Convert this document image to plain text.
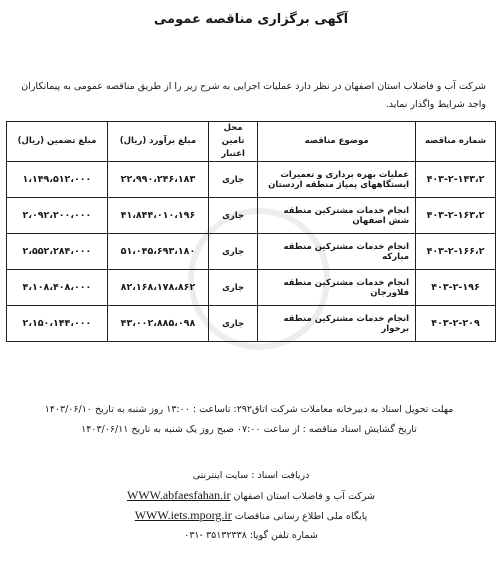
آگهی برگزاری مناقصه عمومی
شرکت آب و فاضلاب استان اصفهان در نظر دارد عملیات اجرایی به شرح زیر را از طریق مناقصه عمومی به پیمانکاران واجد شرایط واگذار نماید.
شماره مناقصه	موضوع مناقصه	محل تامین اعتبار	مبلغ برآورد (ریال)	مبلغ تضمین (ریال)
۴۰۳-۲-۱۴۳،۲	عملیات بهره برداری و تعمیرات ایستگاههای پمپاژ منطقه اردستان	جاری	۲۲،۹۹۰،۲۴۶،۱۸۳	۱،۱۴۹،۵۱۲،۰۰۰
۴۰۳-۲-۱۶۳،۲	انجام خدمات مشترکین منطقه شش اصفهان	جاری	۴۱،۸۴۴،۰۱۰،۱۹۶	۲،۰۹۲،۲۰۰،۰۰۰
۴۰۳-۲-۱۶۶،۲	انجام خدمات مشترکین منطقه مبارکه	جاری	۵۱،۰۴۵،۶۹۳،۱۸۰	۲،۵۵۲،۲۸۴،۰۰۰
۴۰۳-۲-۱۹۶	انجام خدمات مشترکین منطقه فلاورجان	جاری	۸۲،۱۶۸،۱۷۸،۸۶۲	۴،۱۰۸،۴۰۸،۰۰۰
۴۰۳-۲-۲۰۹	انجام خدمات مشترکین منطقه برخوار	جاری	۴۳،۰۰۲،۸۸۵،۰۹۸	۲،۱۵۰،۱۴۴،۰۰۰
مهلت تحویل اسناد به دبیرخانه معاملات شرکت اتاق۲۹۲: تاساعت : ۱۳:۰۰ روز شنبه به تاریخ ۱۴۰۳/۰۶/۱۰
تاریخ گشایش اسناد مناقصه : از ساعت ۰۷:۰۰ صبح روز یک شنبه به تاریخ ۱۴۰۳/۰۶/۱۱
دریافت اسناد : سایت اینترنتی
شرکت آب و فاضلاب استان اصفهان WWW.abfaesfahan.ir
پایگاه ملی اطلاع رسانی مناقصات WWW.iets.mporg.ir
شماره تلفن گویا: ۳۵۱۳۲۳۳۸ -۰۳۱
